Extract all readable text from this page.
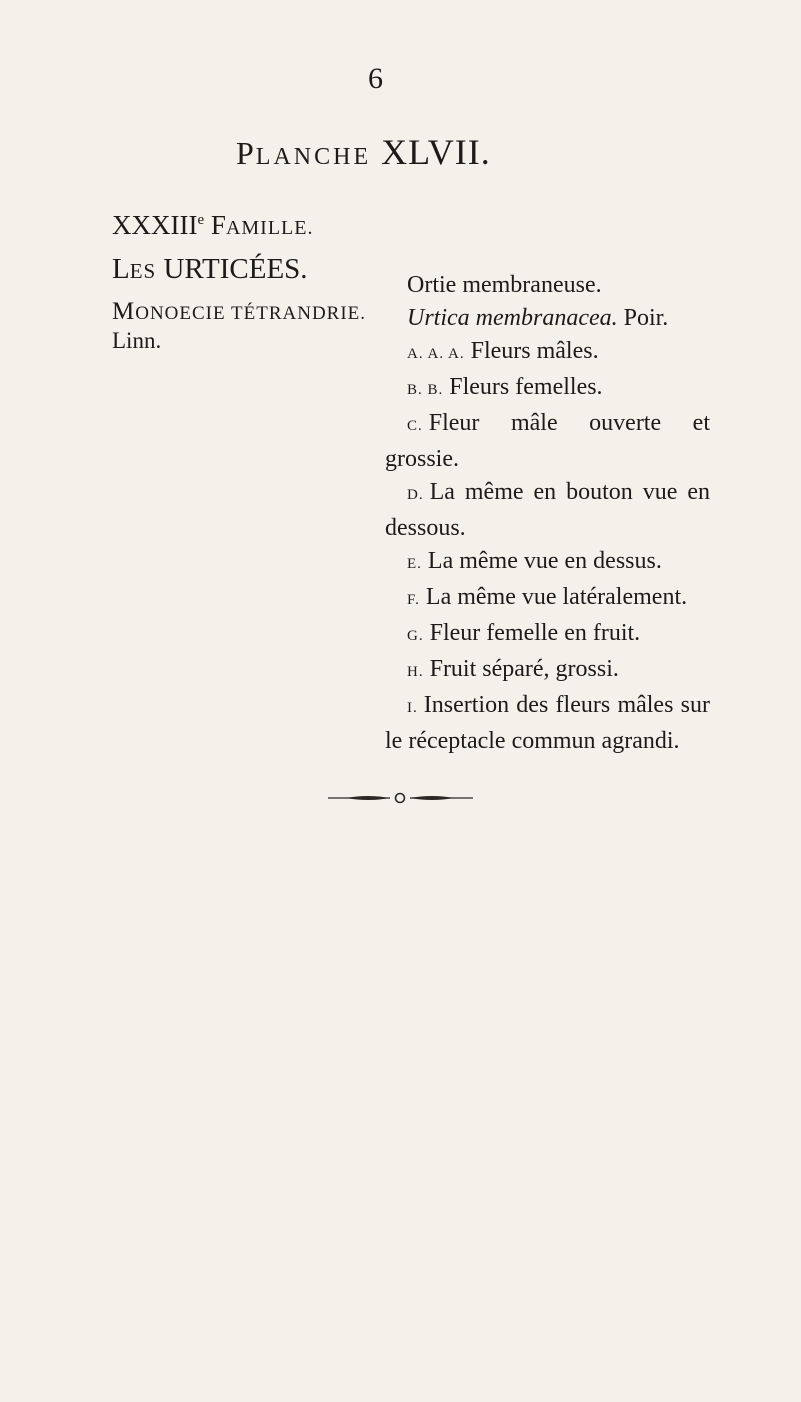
6
PLANCHE XLVII.
XXXIIIe FAMILLE.
LES URTICÉES.
MONOECIE TÉTRANDRIE.
Linn.
Ortie membraneuse.
Urtica membranacea. Poir.
A. A. A. Fleurs mâles.
B. B. Fleurs femelles.
C. Fleur mâle ouverte et grossie.
D. La même en bouton vue en dessous.
E. La même vue en dessus.
F. La même vue latéralement.
G. Fleur femelle en fruit.
H. Fruit séparé, grossi.
I. Insertion des fleurs mâles sur le réceptacle commun agrandi.
